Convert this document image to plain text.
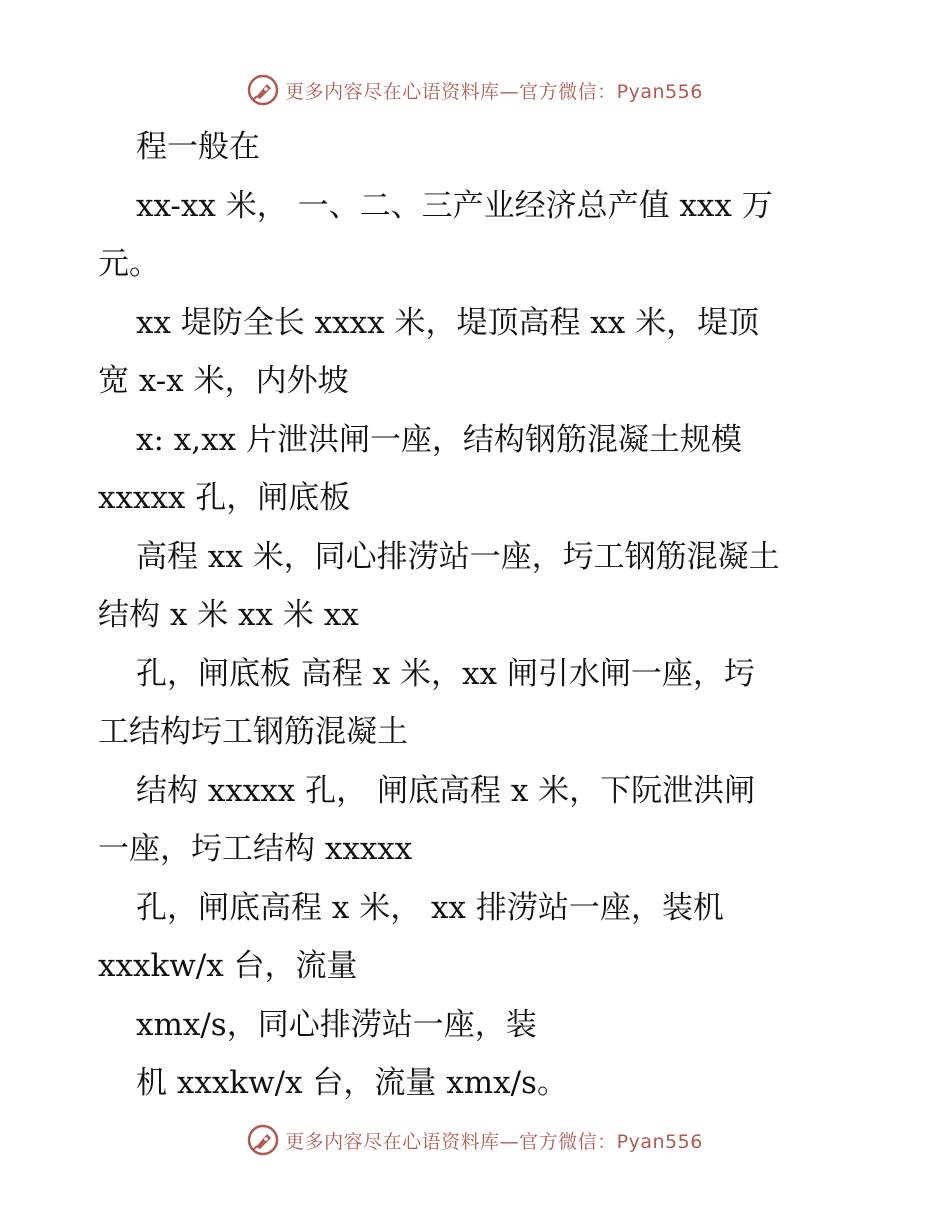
更多内容尽在心语资料库—官方微信：Pyan556
程一般在
xx-xx 米， 一、二、三产业经济总产值 xxx 万
元。
xx 堤防全长 xxxx 米，堤顶高程 xx 米，堤顶
宽 x-x 米，内外坡
x: x,xx 片泄洪闸一座，结构钢筋混凝土规模
xxxxx 孔，闸底板
高程 xx 米，同心排涝站一座，圬工钢筋混凝土
结构 x 米 xx 米 xx
孔，闸底板 高程 x 米，xx 闸引水闸一座，圬
工结构圬工钢筋混凝土
结构 xxxxx 孔， 闸底高程 x 米，下阮泄洪闸
一座，圬工结构 xxxxx
孔，闸底高程 x 米， xx 排涝站一座，装机
xxxkw/x 台，流量
xmx/s，同心排涝站一座，装
机 xxxkw/x 台，流量 xmx/s。
更多内容尽在心语资料库—官方微信：Pyan556
